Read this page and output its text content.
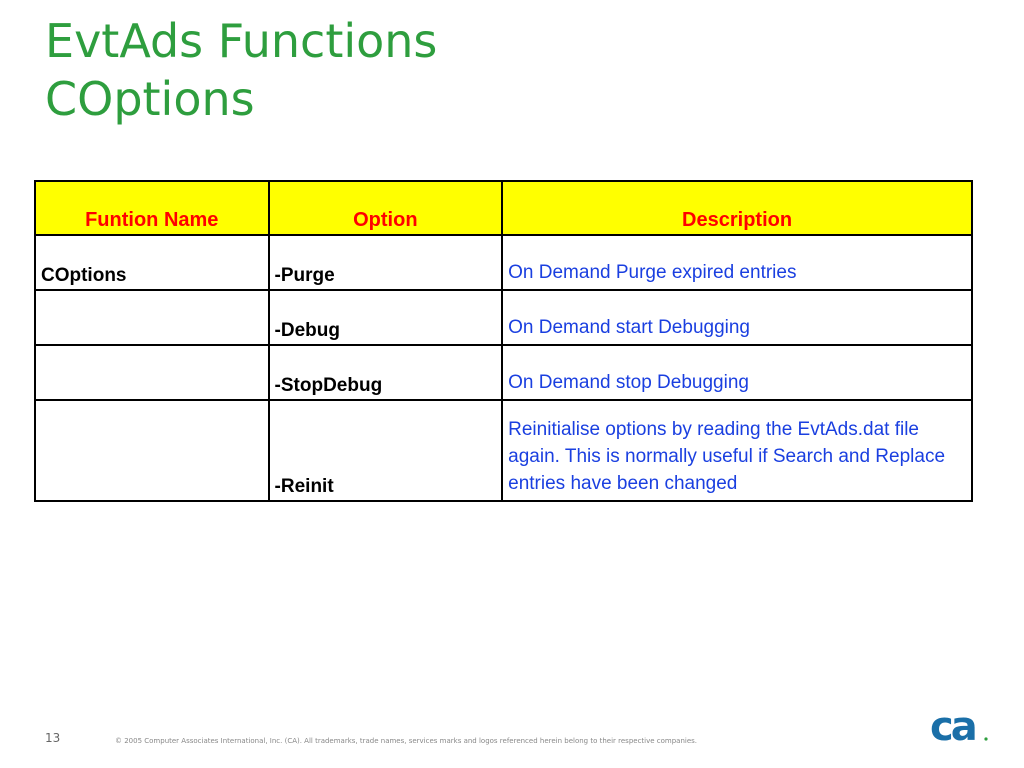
EvtAds Functions
COptions
Funtion Name	Option	Description
COptions	-Purge	On Demand Purge expired entries
	-Debug	On Demand start Debugging
	-StopDebug	On Demand stop Debugging
	-Reinit	Reinitialise options by reading the EvtAds.dat file again. This is normally useful if Search and Replace entries have been changed
13	© 2005 Computer Associates International, Inc. (CA). All trademarks, trade names, services marks and logos referenced herein belong to their respective companies.	ca
